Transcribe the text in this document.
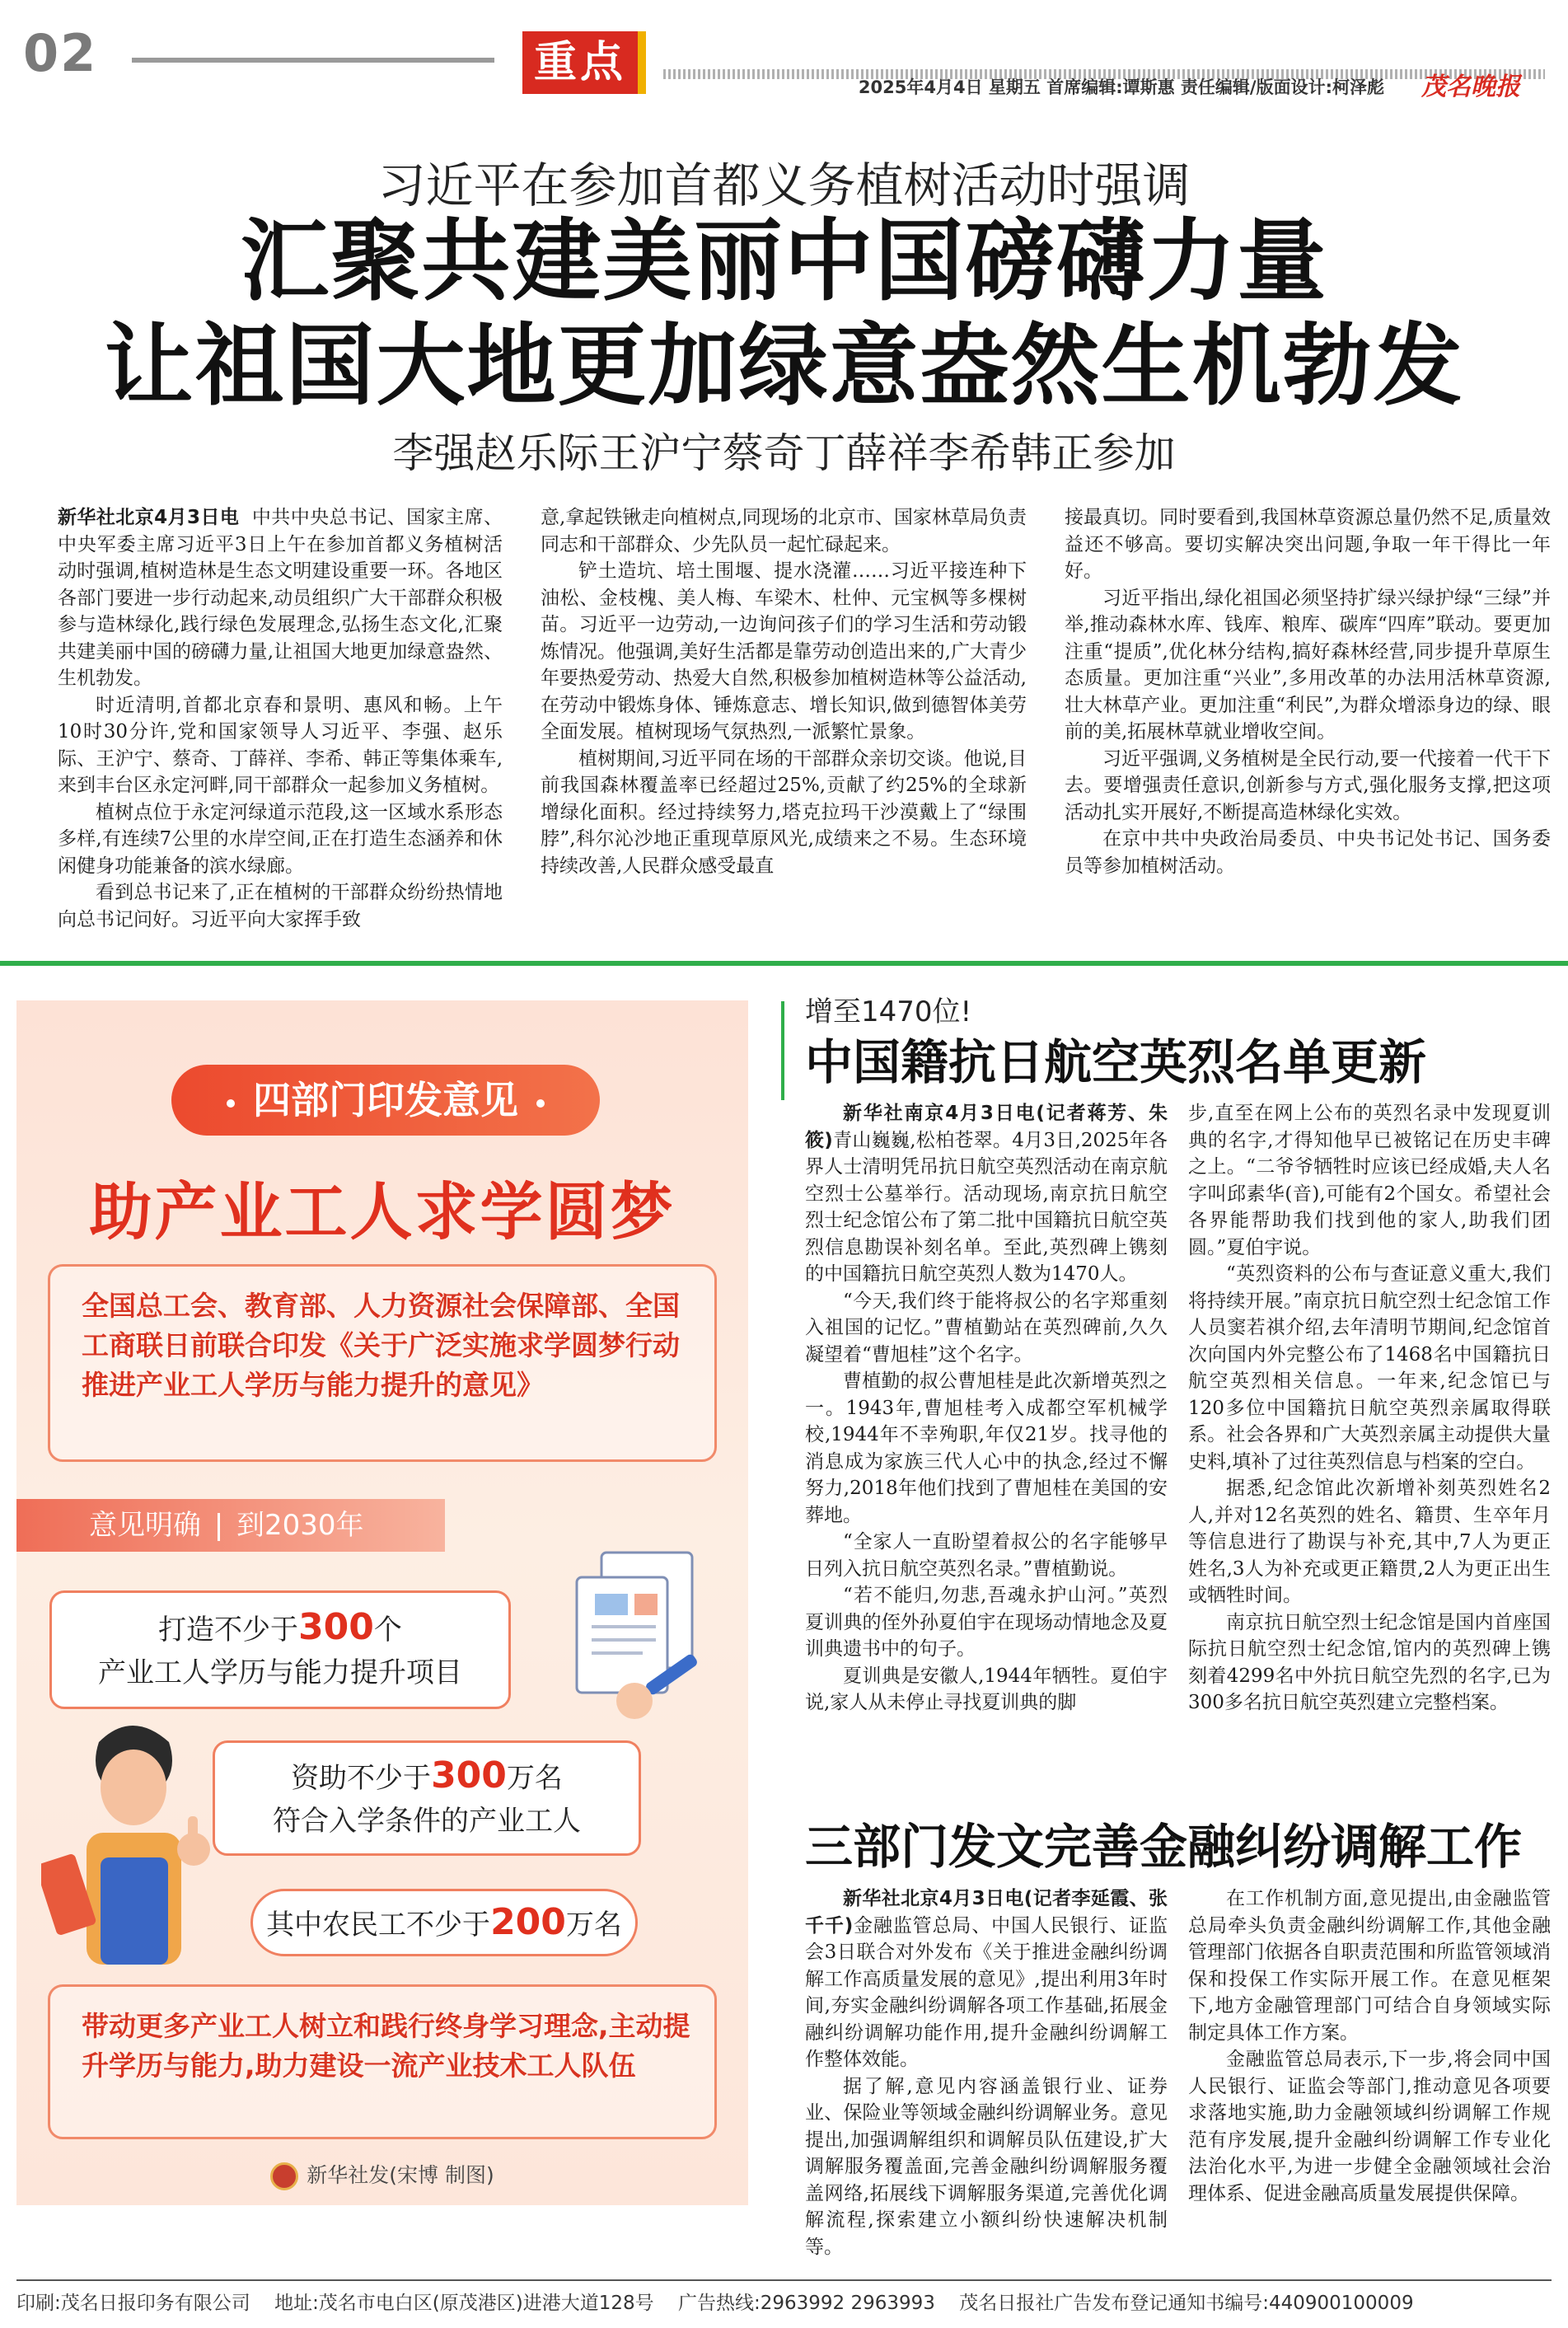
02	重点	2025年4月4日 星期五 首席编辑:谭斯惠 责任编辑/版面设计:柯泽彪	茂名晚报
习近平在参加首都义务植树活动时强调
汇聚共建美丽中国磅礴力量
让祖国大地更加绿意盎然生机勃发
李强赵乐际王沪宁蔡奇丁薛祥李希韩正参加

新华社北京4月3日电 中共中央总书记、国家主席、中央军委主席习近平3日上午在参加首都义务植树活动时强调,植树造林是生态文明建设重要一环。各地区各部门要进一步行动起来,动员组织广大干部群众积极参与造林绿化,践行绿色发展理念,弘扬生态文化,汇聚共建美丽中国的磅礴力量,让祖国大地更加绿意盎然、生机勃发。

时近清明,首都北京春和景明、惠风和畅。上午10时30分许,党和国家领导人习近平、李强、赵乐际、王沪宁、蔡奇、丁薛祥、李希、韩正等集体乘车,来到丰台区永定河畔,同干部群众一起参加义务植树。

植树点位于永定河绿道示范段,这一区域水系形态多样,有连续7公里的水岸空间,正在打造生态涵养和休闲健身功能兼备的滨水绿廊。

看到总书记来了,正在植树的干部群众纷纷热情地向总书记问好。习近平向大家挥手致

意,拿起铁锹走向植树点,同现场的北京市、国家林草局负责同志和干部群众、少先队员一起忙碌起来。

铲土造坑、培土围堰、提水浇灌……习近平接连种下油松、金枝槐、美人梅、车梁木、杜仲、元宝枫等多棵树苗。习近平一边劳动,一边询问孩子们的学习生活和劳动锻炼情况。他强调,美好生活都是靠劳动创造出来的,广大青少年要热爱劳动、热爱大自然,积极参加植树造林等公益活动,在劳动中锻炼身体、锤炼意志、增长知识,做到德智体美劳全面发展。植树现场气氛热烈,一派繁忙景象。

植树期间,习近平同在场的干部群众亲切交谈。他说,目前我国森林覆盖率已经超过25%,贡献了约25%的全球新增绿化面积。经过持续努力,塔克拉玛干沙漠戴上了“绿围脖”,科尔沁沙地正重现草原风光,成绩来之不易。生态环境持续改善,人民群众感受最直

接最真切。同时要看到,我国林草资源总量仍然不足,质量效益还不够高。要切实解决突出问题,争取一年干得比一年好。

习近平指出,绿化祖国必须坚持扩绿兴绿护绿“三绿”并举,推动森林水库、钱库、粮库、碳库“四库”联动。要更加注重“提质”,优化林分结构,搞好森林经营,同步提升草原生态质量。更加注重“兴业”,多用改革的办法用活林草资源,壮大林草产业。更加注重“利民”,为群众增添身边的绿、眼前的美,拓展林草就业增收空间。

习近平强调,义务植树是全民行动,要一代接着一代干下去。要增强责任意识,创新参与方式,强化服务支撑,把这项活动扎实开展好,不断提高造林绿化实效。

在京中共中央政治局委员、中央书记处书记、国务委员等参加植树活动。

四部门印发意见
助产业工人求学圆梦

全国总工会、教育部、人力资源社会保障部、全国工商联日前联合印发《关于广泛实施求学圆梦行动 推进产业工人学历与能力提升的意见》

意见明确 到2030年
打造不少于300个
产业工人学历与能力提升项目
资助不少于300万名
符合入学条件的产业工人
其中农民工不少于200万名

带动更多产业工人树立和践行终身学习理念,主动提升学历与能力,助力建设一流产业技术工人队伍

新华社发(宋博 制图)
增至1470位!
中国籍抗日航空英烈名单更新

新华社南京4月3日电(记者蒋芳、朱筱)青山巍巍,松柏苍翠。4月3日,2025年各界人士清明凭吊抗日航空英烈活动在南京航空烈士公墓举行。活动现场,南京抗日航空烈士纪念馆公布了第二批中国籍抗日航空英烈信息勘误补刻名单。至此,英烈碑上镌刻的中国籍抗日航空英烈人数为1470人。

“今天,我们终于能将叔公的名字郑重刻入祖国的记忆。”曹植勤站在英烈碑前,久久凝望着“曹旭桂”这个名字。

曹植勤的叔公曹旭桂是此次新增英烈之一。1943年,曹旭桂考入成都空军机械学校,1944年不幸殉职,年仅21岁。找寻他的消息成为家族三代人心中的执念,经过不懈努力,2018年他们找到了曹旭桂在美国的安葬地。

“全家人一直盼望着叔公的名字能够早日列入抗日航空英烈名录。”曹植勤说。

“若不能归,勿悲,吾魂永护山河。”英烈夏训典的侄外孙夏伯宇在现场动情地念及夏训典遗书中的句子。

夏训典是安徽人,1944年牺牲。夏伯宇说,家人从未停止寻找夏训典的脚

步,直至在网上公布的英烈名录中发现夏训典的名字,才得知他早已被铭记在历史丰碑之上。“二爷爷牺牲时应该已经成婚,夫人名字叫邱素华(音),可能有2个国女。希望社会各界能帮助我们找到他的家人,助我们团圆。”夏伯宇说。

“英烈资料的公布与查证意义重大,我们将持续开展。”南京抗日航空烈士纪念馆工作人员窦若祺介绍,去年清明节期间,纪念馆首次向国内外完整公布了1468名中国籍抗日航空英烈相关信息。一年来,纪念馆已与120多位中国籍抗日航空英烈亲属取得联系。社会各界和广大英烈亲属主动提供大量史料,填补了过往英烈信息与档案的空白。

据悉,纪念馆此次新增补刻英烈姓名2人,并对12名英烈的姓名、籍贯、生卒年月等信息进行了勘误与补充,其中,7人为更正姓名,3人为补充或更正籍贯,2人为更正出生或牺牲时间。

南京抗日航空烈士纪念馆是国内首座国际抗日航空烈士纪念馆,馆内的英烈碑上镌刻着4299名中外抗日航空先烈的名字,已为300多名抗日航空英烈建立完整档案。

三部门发文完善金融纠纷调解工作

新华社北京4月3日电(记者李延霞、张千千)金融监管总局、中国人民银行、证监会3日联合对外发布《关于推进金融纠纷调解工作高质量发展的意见》,提出利用3年时间,夯实金融纠纷调解各项工作基础,拓展金融纠纷调解功能作用,提升金融纠纷调解工作整体效能。

据了解,意见内容涵盖银行业、证券业、保险业等领域金融纠纷调解业务。意见提出,加强调解组织和调解员队伍建设,扩大调解服务覆盖面,完善金融纠纷调解服务覆盖网络,拓展线下调解服务渠道,完善优化调解流程,探索建立小额纠纷快速解决机制等。

在工作机制方面,意见提出,由金融监管总局牵头负责金融纠纷调解工作,其他金融管理部门依据各自职责范围和所监管领域消保和投保工作实际开展工作。在意见框架下,地方金融管理部门可结合自身领域实际制定具体工作方案。

金融监管总局表示,下一步,将会同中国人民银行、证监会等部门,推动意见各项要求落地实施,助力金融领域纠纷调解工作规范有序发展,提升金融纠纷调解工作专业化法治化水平,为进一步健全金融领域社会治理体系、促进金融高质量发展提供保障。

印刷:茂名日报印务有限公司 地址:茂名市电白区(原茂港区)进港大道128号 广告热线:2963992 2963993 茂名日报社广告发布登记通知书编号:440900100009
